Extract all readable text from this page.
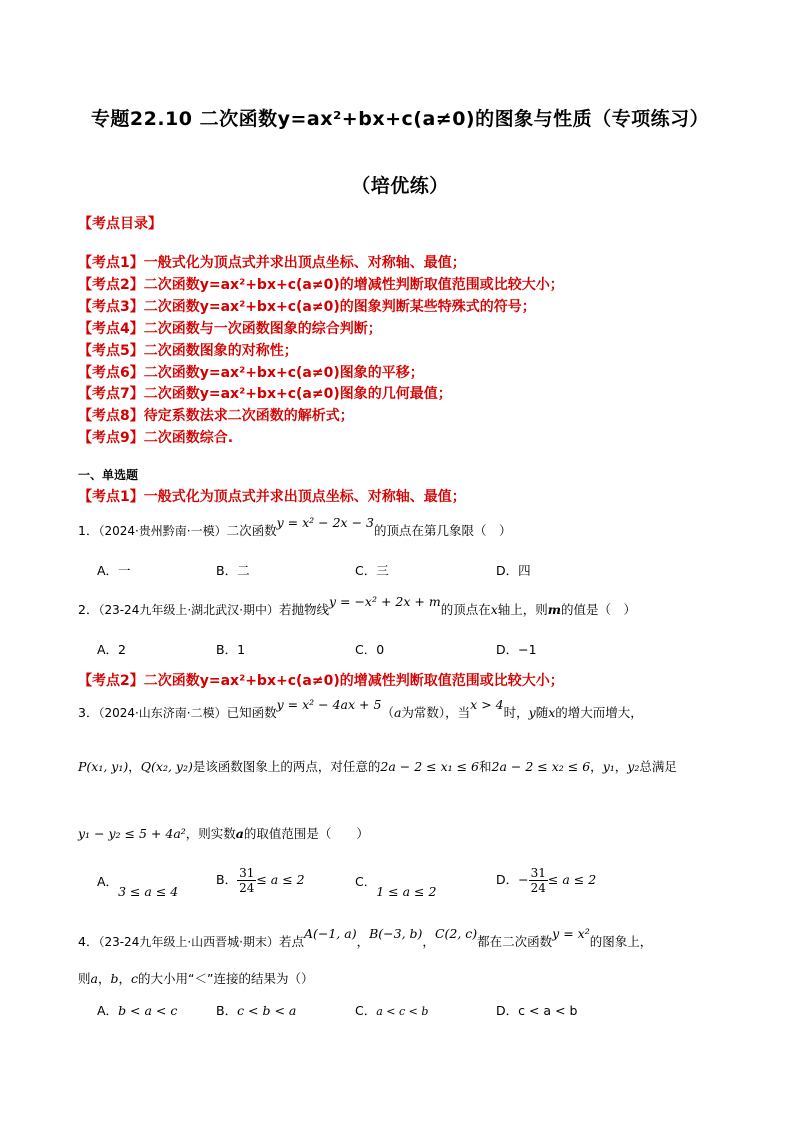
专题22.10 二次函数y=ax²+bx+c(a≠0)的图象与性质（专项练习）
（培优练）
【考点目录】
【考点1】一般式化为顶点式并求出顶点坐标、对称轴、最值；
【考点2】二次函数y=ax²+bx+c(a≠0)的增减性判断取值范围或比较大小；
【考点3】二次函数y=ax²+bx+c(a≠0)的图象判断某些特殊式的符号；
【考点4】二次函数与一次函数图象的综合判断；
【考点5】二次函数图象的对称性；
【考点6】二次函数y=ax²+bx+c(a≠0)图象的平移；
【考点7】二次函数y=ax²+bx+c(a≠0)图象的几何最值；
【考点8】待定系数法求二次函数的解析式；
【考点9】二次函数综合.
一、单选题
【考点1】一般式化为顶点式并求出顶点坐标、对称轴、最值；
1．（2024·贵州黔南·一模）二次函数y = x² − 2x − 3的顶点在第几象限（　）
A．一	B．二	C．三	D．四
2．（23-24九年级上·湖北武汉·期中）若抛物线y = −x² + 2x + m的顶点在x轴上，则m的值是（　）
A．2	B．1	C．0	D．−1
【考点2】二次函数y=ax²+bx+c(a≠0)的增减性判断取值范围或比较大小；
3．（2024·山东济南·二模）已知函数y = x² − 4ax + 5（a为常数），当x > 4时，y随x的增大而增大，
P(x₁, y₁)，Q(x₂, y₂)是该函数图象上的两点，对任意的2a − 2 ≤ x₁ ≤ 6和2a − 2 ≤ x₂ ≤ 6，y₁，y₂总满足
y₁ − y₂ ≤ 5 + 4a²，则实数a的取值范围是（　　）
A．3 ≤ a ≤ 4
B． $\frac{31}{24} \le a \le 2$	C．1 ≤ a ≤ 2
D．− $\frac{31}{24} \le a \le 2$
4．（23-24九年级上·山西晋城·期末）若点A(−1, a)，B(−3, b)，C(2, c)都在二次函数y = x²的图象上，
则a，b，c的大小用“＜”连接的结果为（）
A．b < a < c	B．c < b < a	C．a < c < b	D．c < a < b
